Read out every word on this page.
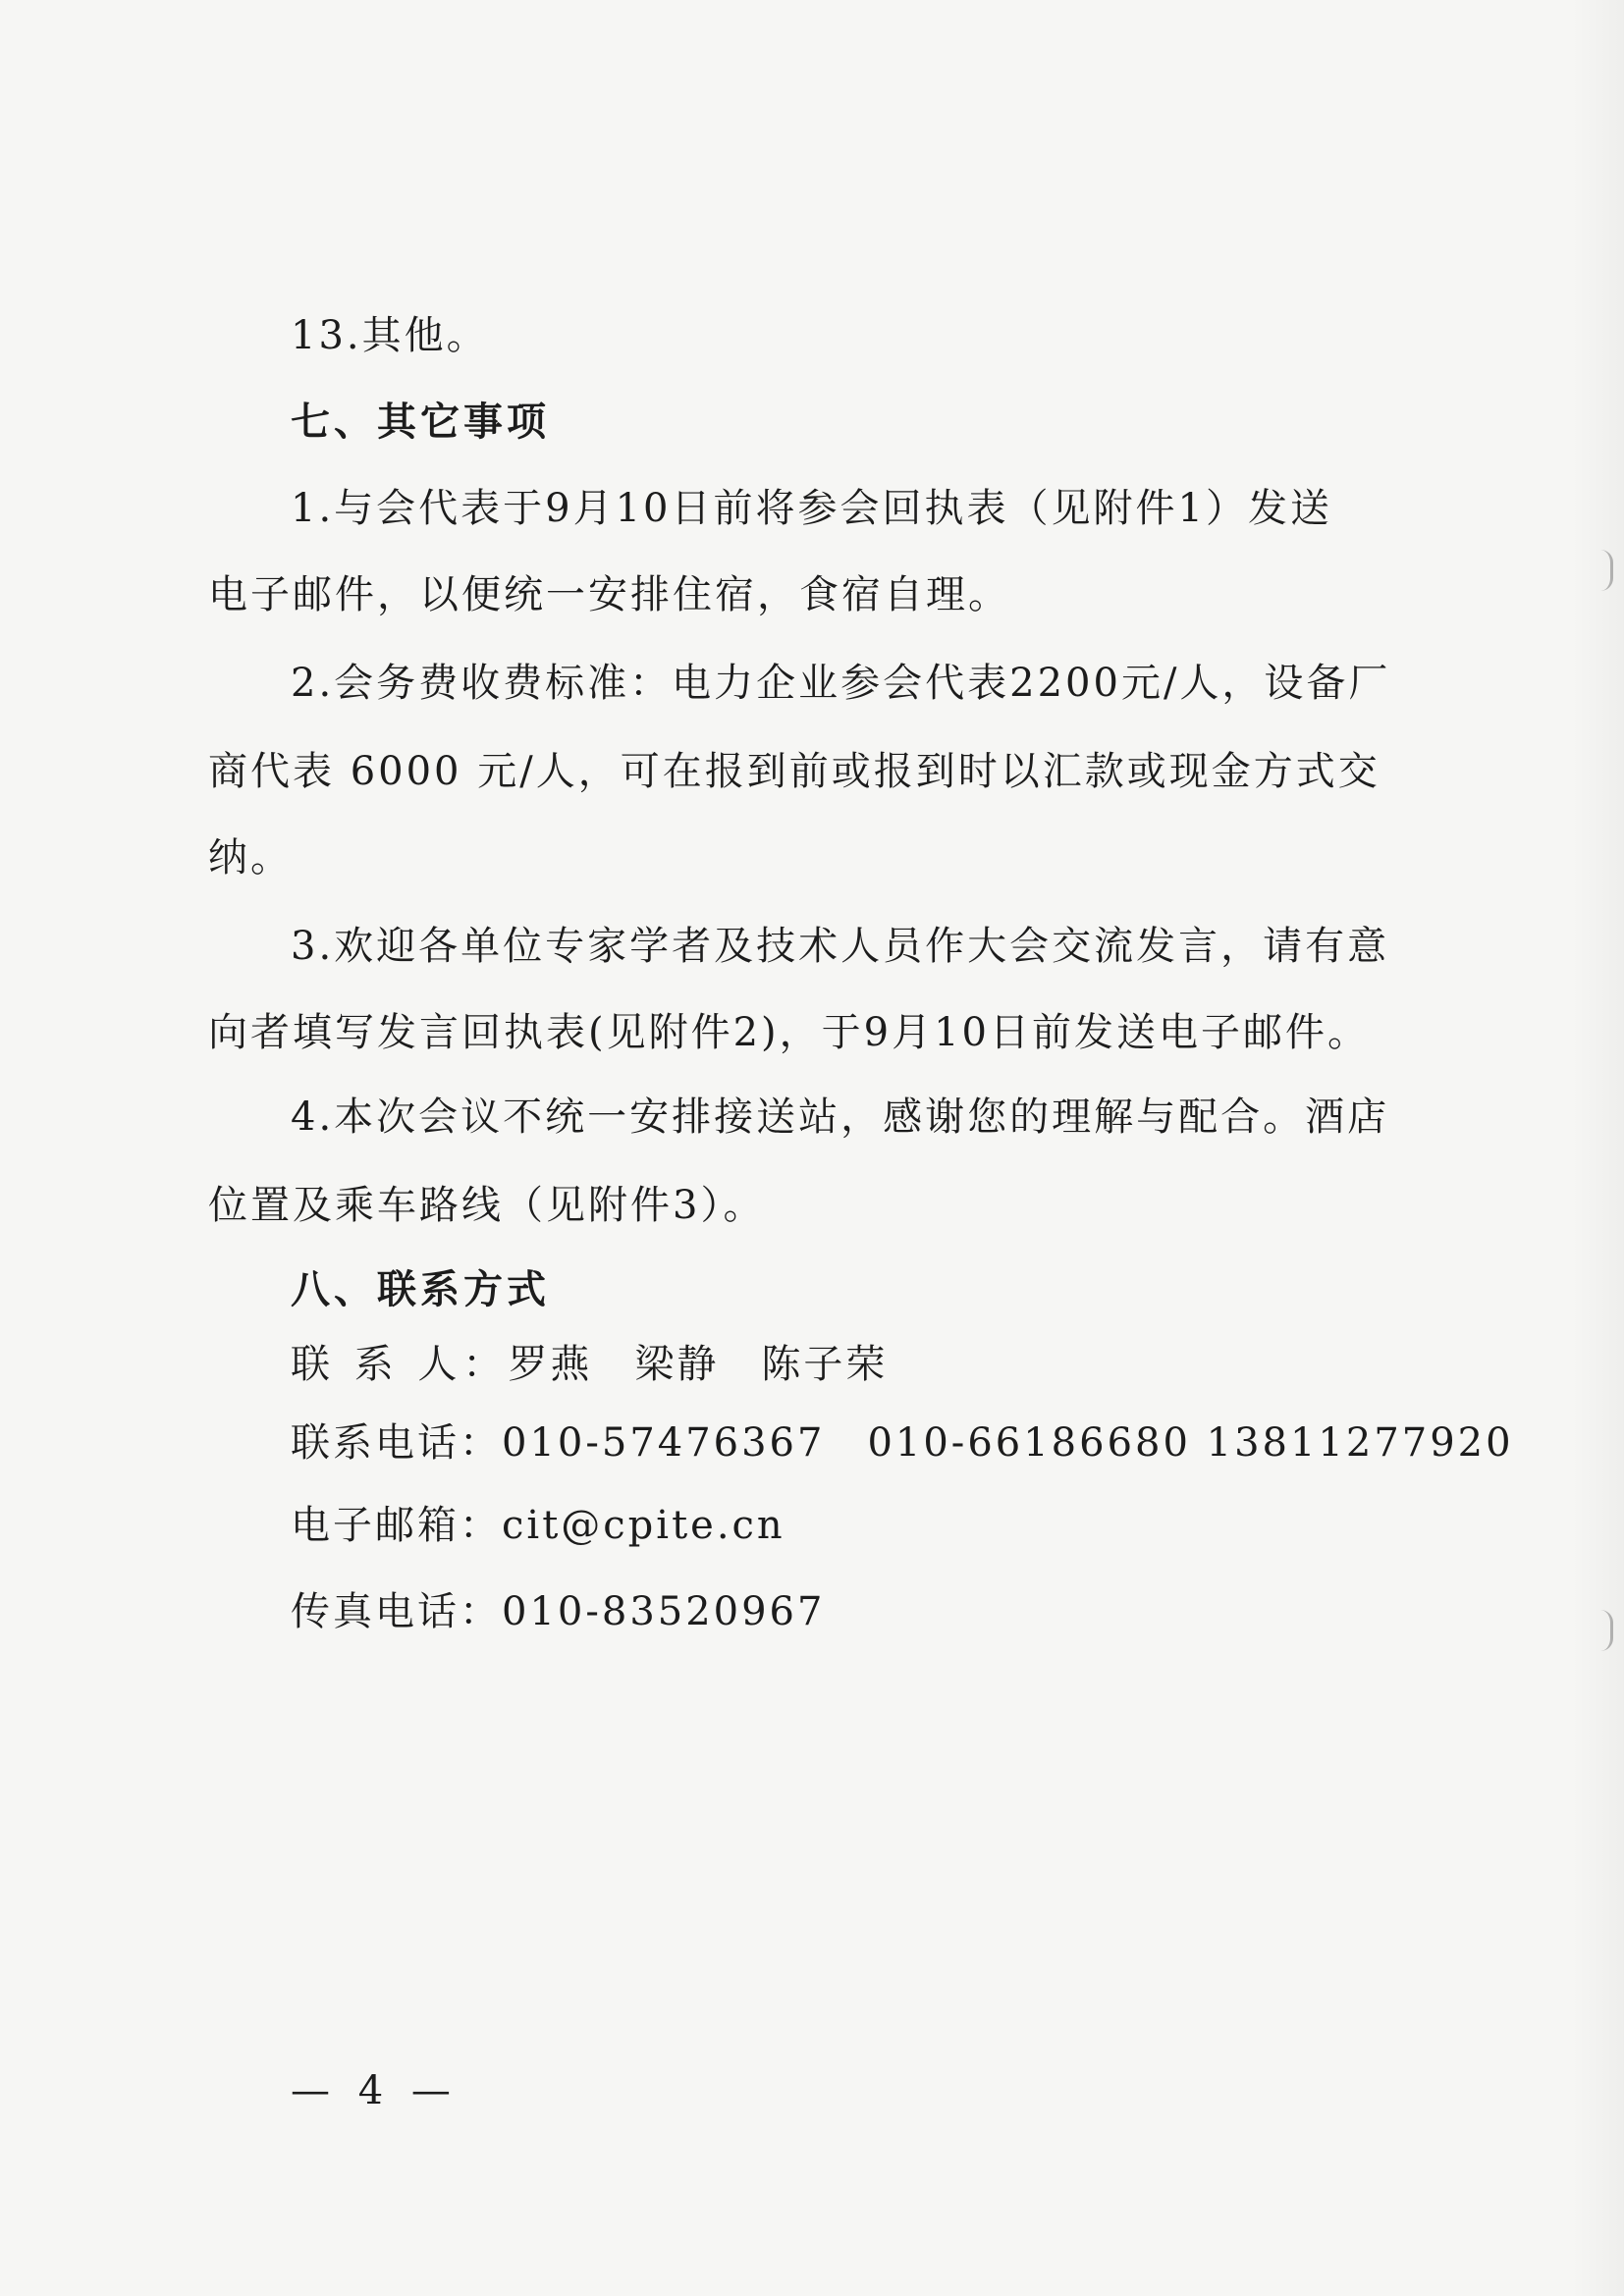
13.其他。
七、其它事项
1.与会代表于9月10日前将参会回执表（见附件1）发送
电子邮件，以便统一安排住宿，食宿自理。
2.会务费收费标准：电力企业参会代表2200元/人，设备厂
商代表 6000 元/人，可在报到前或报到时以汇款或现金方式交
纳。
3.欢迎各单位专家学者及技术人员作大会交流发言，请有意
向者填写发言回执表(见附件2)，于9月10日前发送电子邮件。
4.本次会议不统一安排接送站，感谢您的理解与配合。酒店
位置及乘车路线（见附件3）。
八、联系方式
联 系 人：罗燕　梁静　陈子荣
联系电话：010-57476367　010-66186680 13811277920
电子邮箱：cit@cpite.cn
传真电话：010-83520967
— 4 —
